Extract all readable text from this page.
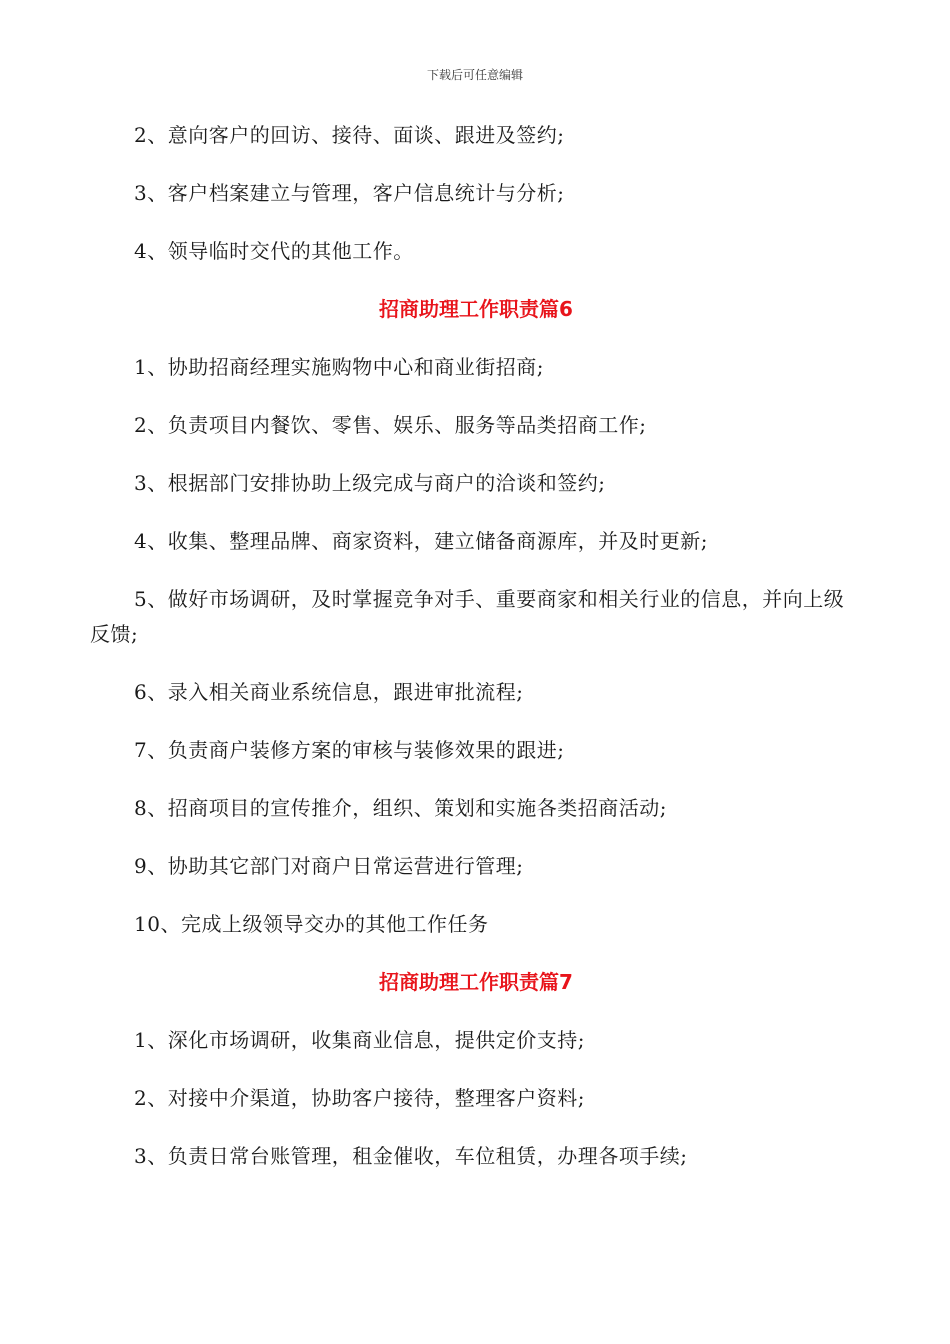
下载后可任意编辑

2、意向客户的回访、接待、面谈、跟进及签约;

3、客户档案建立与管理，客户信息统计与分析;

4、领导临时交代的其他工作。

招商助理工作职责篇6

1、协助招商经理实施购物中心和商业街招商;

2、负责项目内餐饮、零售、娱乐、服务等品类招商工作;

3、根据部门安排协助上级完成与商户的洽谈和签约;

4、收集、整理品牌、商家资料，建立储备商源库，并及时更新;

5、做好市场调研，及时掌握竞争对手、重要商家和相关行业的信息，并向上级反馈;

6、录入相关商业系统信息，跟进审批流程;

7、负责商户装修方案的审核与装修效果的跟进;

8、招商项目的宣传推介，组织、策划和实施各类招商活动;

9、协助其它部门对商户日常运营进行管理;

10、完成上级领导交办的其他工作任务

招商助理工作职责篇7

1、深化市场调研，收集商业信息，提供定价支持;

2、对接中介渠道，协助客户接待，整理客户资料;

3、负责日常台账管理，租金催收，车位租赁，办理各项手续;
